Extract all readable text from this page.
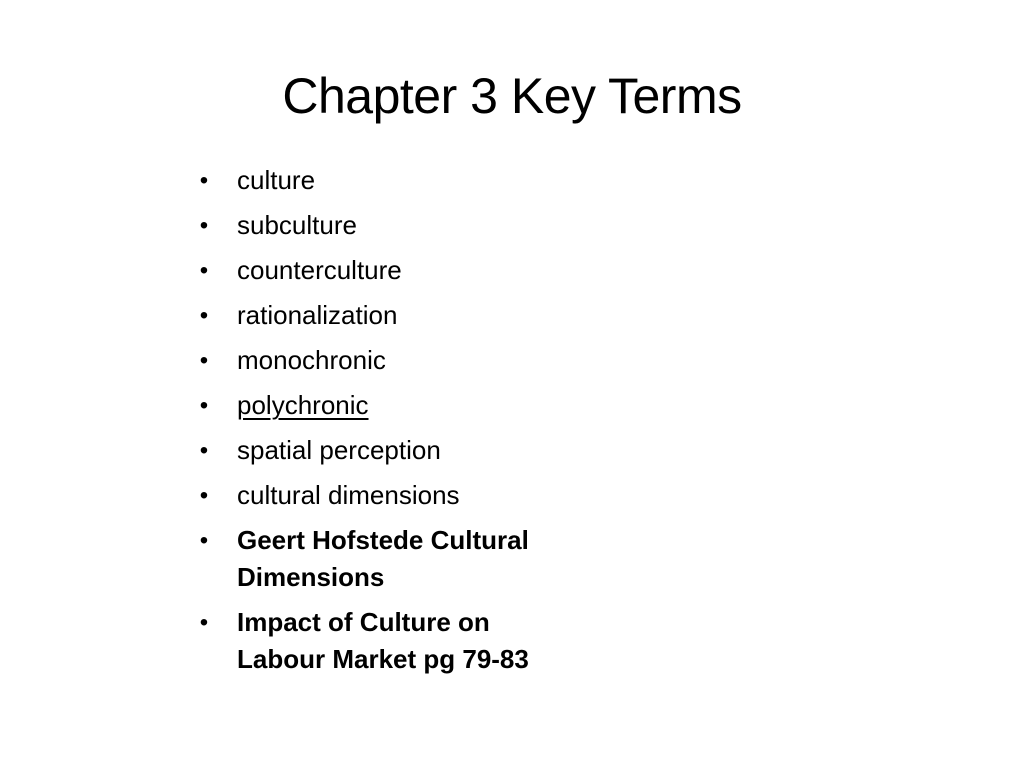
Chapter 3 Key Terms
• culture
• subculture
• counterculture
• rationalization
• monochronic
• polychronic
• spatial perception
• cultural dimensions
• Geert Hofstede Cultural Dimensions
• Impact of Culture on Labour Market pg 79-83
